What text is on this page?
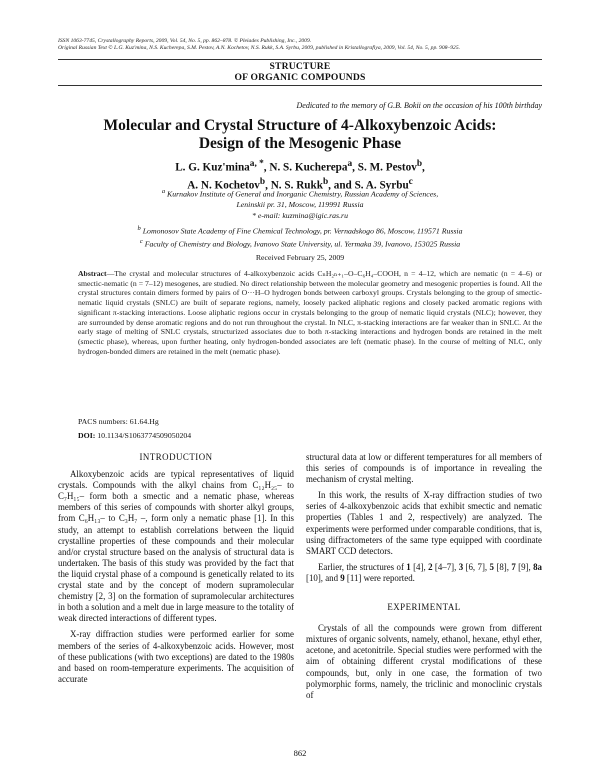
ISSN 1063-7745, Crystallography Reports, 2009, Vol. 54, No. 5, pp. 862–878. © Pleiades Publishing, Inc., 2009.
Original Russian Text © L.G. Kuz'mina, N.S. Kucherepa, S.M. Pestov, A.N. Kochetov, N.S. Rukk, S.A. Syrbu, 2009, published in Kristallografiya, 2009, Vol. 54, No. 5, pp. 908–925.
STRUCTURE
OF ORGANIC COMPOUNDS
Dedicated to the memory of G.B. Bokii on the occasion of his 100th birthday
Molecular and Crystal Structure of 4-Alkoxybenzoic Acids:
Design of the Mesogenic Phase
L. G. Kuz'mina$^{a, *}$, N. S. Kucherepa$^a$, S. M. Pestov$^b$,
A. N. Kochetov$^b$, N. S. Rukk$^b$, and S. A. Syrbu$^c$
$^a$ Kurnakov Institute of General and Inorganic Chemistry, Russian Academy of Sciences,
Leninskii pr. 31, Moscow, 119991 Russia
* e-mail: kuzmina@igic.ras.ru
$^b$ Lomonosov State Academy of Fine Chemical Technology, pr. Vernadskogo 86, Moscow, 119571 Russia
$^c$ Faculty of Chemistry and Biology, Ivanovo State University, ul. Yermaka 39, Ivanovo, 153025 Russia
Received February 25, 2009
Abstract—The crystal and molecular structures of 4-alkoxybenzoic acids CₙH₂ₙ₊₁–O–C₆H₄–COOH, n = 4–12, which are nematic (n = 4–6) or smectic-nematic (n = 7–12) mesogenes, are studied. No direct relationship between the molecular geometry and mesogenic properties is found. All the crystal structures contain dimers formed by pairs of O···H–O hydrogen bonds between carboxyl groups. Crystals belonging to the group of smectic-nematic liquid crystals (SNLC) are built of separate regions, namely, loosely packed aliphatic regions and closely packed aromatic regions with significant π-stacking interactions. Loose aliphatic regions occur in crystals belonging to the group of nematic liquid crystals (NLC); however, they are surrounded by dense aromatic regions and do not run throughout the crystal. In NLC, π-stacking interactions are far weaker than in SNLC. At the early stage of melting of SNLC crystals, structurized associates due to both π-stacking interactions and hydrogen bonds are retained in the melt (smectic phase), whereas, upon further heating, only hydrogen-bonded associates are left (nematic phase). In the course of melting of NLC, only hydrogen-bonded dimers are retained in the melt (nematic phase).
PACS numbers: 61.64.Hg
DOI: 10.1134/S1063774509050204
INTRODUCTION

Alkoxybenzoic acids are typical representatives of liquid crystals. Compounds with the alkyl chains from C₁₂H₂₅– to C₇H₁₅– form both a smectic and a nematic phase, whereas members of this series of compounds with shorter alkyl groups, from C₆H₁₃– to C₃H₇ –, form only a nematic phase [1]. In this study, an attempt to establish correlations between the liquid crystalline properties of these compounds and their molecular and/or crystal structure based on the analysis of structural data is undertaken. The basis of this study was provided by the fact that the liquid crystal phase of a compound is genetically related to its crystal state and by the concept of modern supramolecular chemistry [2, 3] on the formation of supramolecular architectures in both a solution and a melt due in large measure to the totality of weak directed interactions of different types.

X-ray diffraction studies were performed earlier for some members of the series of 4-alkoxybenzoic acids. However, most of these publications (with two exceptions) are dated to the 1980s and based on room-temperature experiments. The acquisition of accurate

structural data at low or different temperatures for all members of this series of compounds is of importance in revealing the mechanism of crystal melting.

In this work, the results of X-ray diffraction studies of two series of 4-alkoxybenzoic acids that exhibit smectic and nematic properties (Tables 1 and 2, respectively) are analyzed. The experiments were performed under comparable conditions, that is, using diffractometers of the same type equipped with coordinate SMART CCD detectors.

Earlier, the structures of 1 [4], 2 [4–7], 3 [6, 7], 5 [8], 7 [9], 8a [10], and 9 [11] were reported.

EXPERIMENTAL

Crystals of all the compounds were grown from different mixtures of organic solvents, namely, ethanol, hexane, ethyl ether, acetone, and acetonitrile. Special studies were performed with the aim of obtaining different crystal modifications of these compounds, but, only in one case, the formation of two polymorphic forms, namely, the triclinic and monoclinic crystals of

862
